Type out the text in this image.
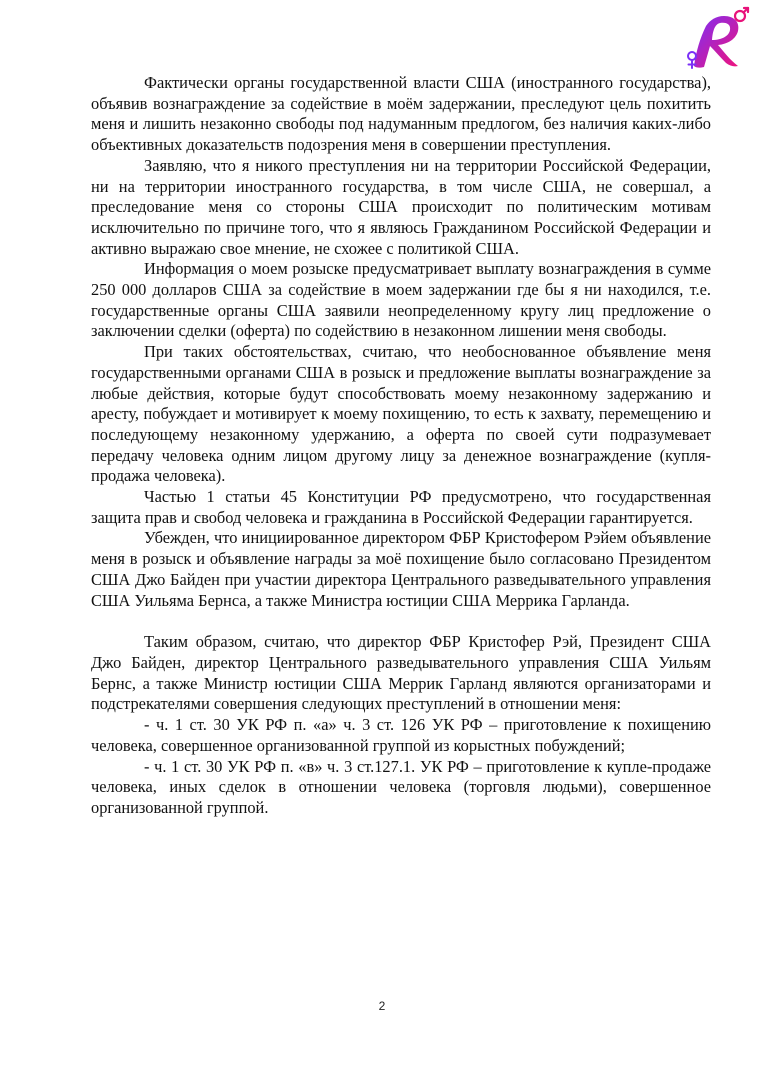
Фактически органы государственной власти США (иностранного государства), объявив вознаграждение за содействие в моём задержании, преследуют цель похитить меня и лишить незаконно свободы под надуманным предлогом, без наличия каких-либо объективных доказательств подозрения меня в совершении преступления.

Заявляю, что я никого преступления ни на территории Российской Федерации, ни на территории иностранного государства, в том числе США, не совершал, а преследование меня со стороны США происходит по политическим мотивам исключительно по причине того, что я являюсь Гражданином Российской Федерации и активно выражаю свое мнение, не схожее с политикой США.

Информация о моем розыске предусматривает выплату вознаграждения в сумме 250 000 долларов США за содействие в моем задержании где бы я ни находился, т.е. государственные органы США заявили неопределенному кругу лиц предложение о заключении сделки (оферта) по содействию в незаконном лишении меня свободы.

При таких обстоятельствах, считаю, что необоснованное объявление меня государственными органами США в розыск и предложение выплаты вознаграждение за любые действия, которые будут способствовать моему незаконному задержанию и аресту, побуждает и мотивирует к моему похищению, то есть к захвату, перемещению и последующему незаконному удержанию, а оферта по своей сути подразумевает передачу человека одним лицом другому лицу за денежное вознаграждение (купля-продажа человека).

Частью 1 статьи 45 Конституции РФ предусмотрено, что государственная защита прав и свобод человека и гражданина в Российской Федерации гарантируется.

Убежден, что инициированное директором ФБР Кристофером Рэйем объявление меня в розыск и объявление награды за моё похищение было согласовано Президентом США Джо Байден при участии директора Центрального разведывательного управления США Уильяма Бернса, а также Министра юстиции США Меррика Гарланда.

Таким образом, считаю, что директор ФБР Кристофер Рэй, Президент США Джо Байден, директор Центрального разведывательного управления США Уильям Бернс, а также Министр юстиции США Меррик Гарланд являются организаторами и подстрекателями совершения следующих преступлений в отношении меня:

- ч. 1 ст. 30 УК РФ п. «а» ч. 3 ст. 126 УК РФ – приготовление к похищению человека, совершенное организованной группой из корыстных побуждений;

- ч. 1 ст. 30 УК РФ п. «в» ч. 3 ст.127.1. УК РФ – приготовление к купле-продаже человека, иных сделок в отношении человека (торговля людьми), совершенное организованной группой.

2
